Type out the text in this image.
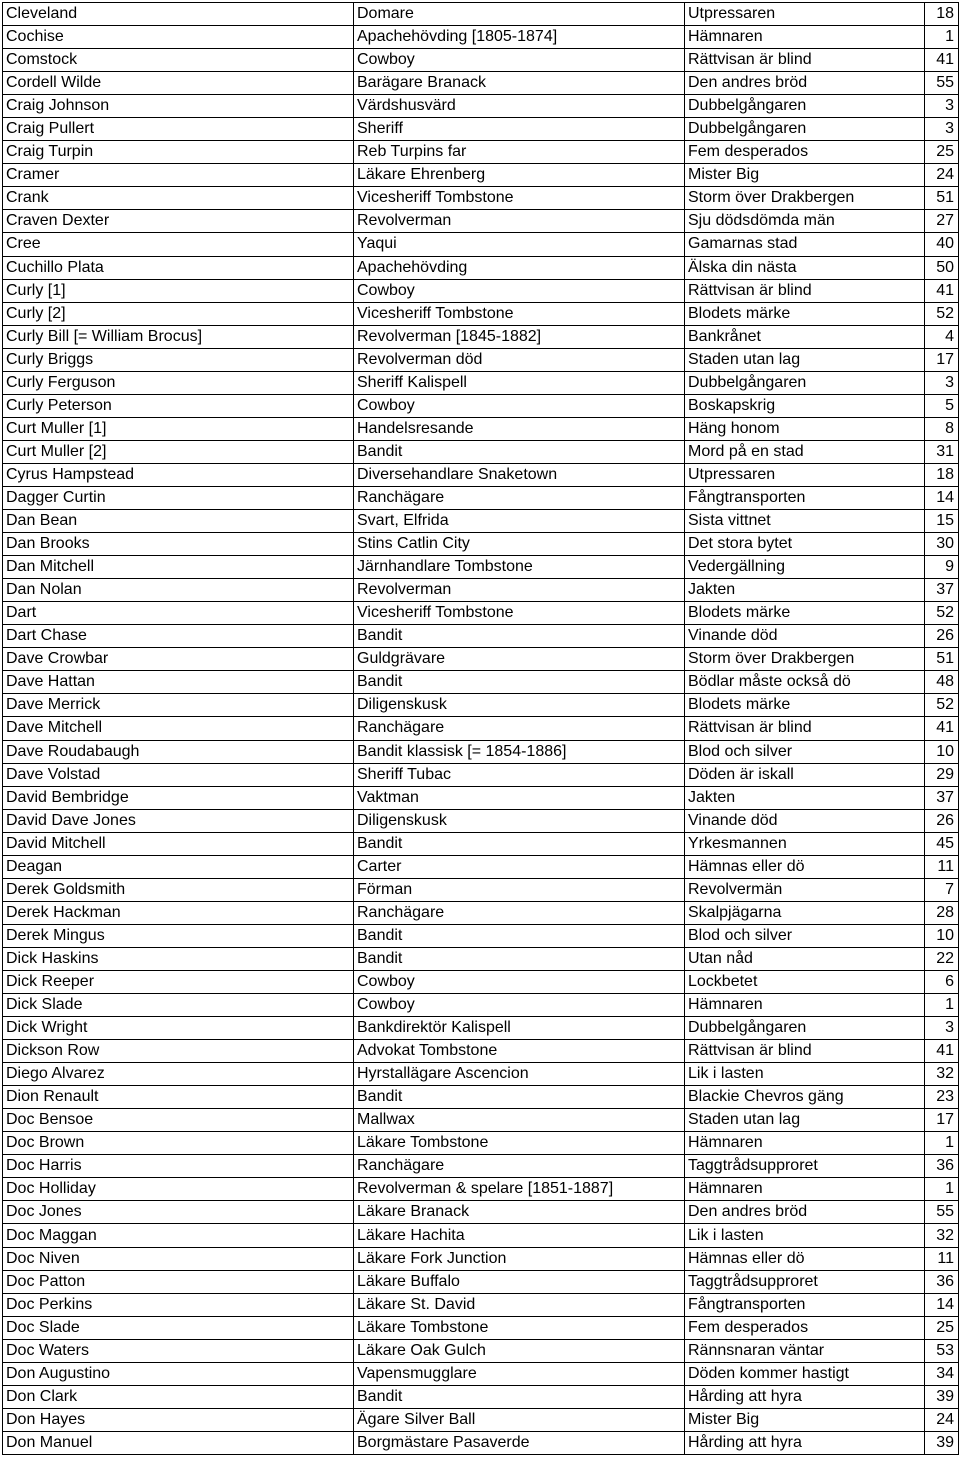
Cleveland	Domare	Utpressaren	18
Cochise	Apachehövding [1805-1874]	Hämnaren	1
Comstock	Cowboy	Rättvisan är blind	41
Cordell Wilde	Barägare Branack	Den andres bröd	55
Craig Johnson	Värdshusvärd	Dubbelgångaren	3
Craig Pullert	Sheriff	Dubbelgångaren	3
Craig Turpin	Reb Turpins far	Fem desperados	25
Cramer	Läkare Ehrenberg	Mister Big	24
Crank	Vicesheriff Tombstone	Storm över Drakbergen	51
Craven Dexter	Revolverman	Sju dödsdömda män	27
Cree	Yaqui	Gamarnas stad	40
Cuchillo Plata	Apachehövding	Älska din nästa	50
Curly [1]	Cowboy	Rättvisan är blind	41
Curly [2]	Vicesheriff Tombstone	Blodets märke	52
Curly Bill [= William Brocus]	Revolverman [1845-1882]	Bankrånet	4
Curly Briggs	Revolverman död	Staden utan lag	17
Curly Ferguson	Sheriff Kalispell	Dubbelgångaren	3
Curly Peterson	Cowboy	Boskapskrig	5
Curt Muller [1]	Handelsresande	Häng honom	8
Curt Muller [2]	Bandit	Mord på en stad	31
Cyrus Hampstead	Diversehandlare Snaketown	Utpressaren	18
Dagger Curtin	Ranchägare	Fångtransporten	14
Dan Bean	Svart, Elfrida	Sista vittnet	15
Dan Brooks	Stins Catlin City	Det stora bytet	30
Dan Mitchell	Järnhandlare Tombstone	Vedergällning	9
Dan Nolan	Revolverman	Jakten	37
Dart	Vicesheriff Tombstone	Blodets märke	52
Dart Chase	Bandit	Vinande död	26
Dave Crowbar	Guldgrävare	Storm över Drakbergen	51
Dave Hattan	Bandit	Bödlar måste också dö	48
Dave Merrick	Diligenskusk	Blodets märke	52
Dave Mitchell	Ranchägare	Rättvisan är blind	41
Dave Roudabaugh	Bandit klassisk [= 1854-1886]	Blod och silver	10
Dave Volstad	Sheriff Tubac	Döden är iskall	29
David Bembridge	Vaktman	Jakten	37
David Dave Jones	Diligenskusk	Vinande död	26
David Mitchell	Bandit	Yrkesmannen	45
Deagan	Carter	Hämnas eller dö	11
Derek Goldsmith	Förman	Revolvermän	7
Derek Hackman	Ranchägare	Skalpjägarna	28
Derek Mingus	Bandit	Blod och silver	10
Dick Haskins	Bandit	Utan nåd	22
Dick Reeper	Cowboy	Lockbetet	6
Dick Slade	Cowboy	Hämnaren	1
Dick Wright	Bankdirektör Kalispell	Dubbelgångaren	3
Dickson Row	Advokat Tombstone	Rättvisan är blind	41
Diego Alvarez	Hyrstallägare Ascencion	Lik i lasten	32
Dion Renault	Bandit	Blackie Chevros gäng	23
Doc Bensoe	Mallwax	Staden utan lag	17
Doc Brown	Läkare Tombstone	Hämnaren	1
Doc Harris	Ranchägare	Taggtrådsupproret	36
Doc Holliday	Revolverman & spelare [1851-1887]	Hämnaren	1
Doc Jones	Läkare Branack	Den andres bröd	55
Doc Maggan	Läkare Hachita	Lik i lasten	32
Doc Niven	Läkare Fork Junction	Hämnas eller dö	11
Doc Patton	Läkare Buffalo	Taggtrådsupproret	36
Doc Perkins	Läkare St. David	Fångtransporten	14
Doc Slade	Läkare Tombstone	Fem desperados	25
Doc Waters	Läkare Oak Gulch	Rännsnaran väntar	53
Don Augustino	Vapensmugglare	Döden kommer hastigt	34
Don Clark	Bandit	Hårding att hyra	39
Don Hayes	Ägare Silver Ball	Mister Big	24
Don Manuel	Borgmästare Pasaverde	Hårding att hyra	39
